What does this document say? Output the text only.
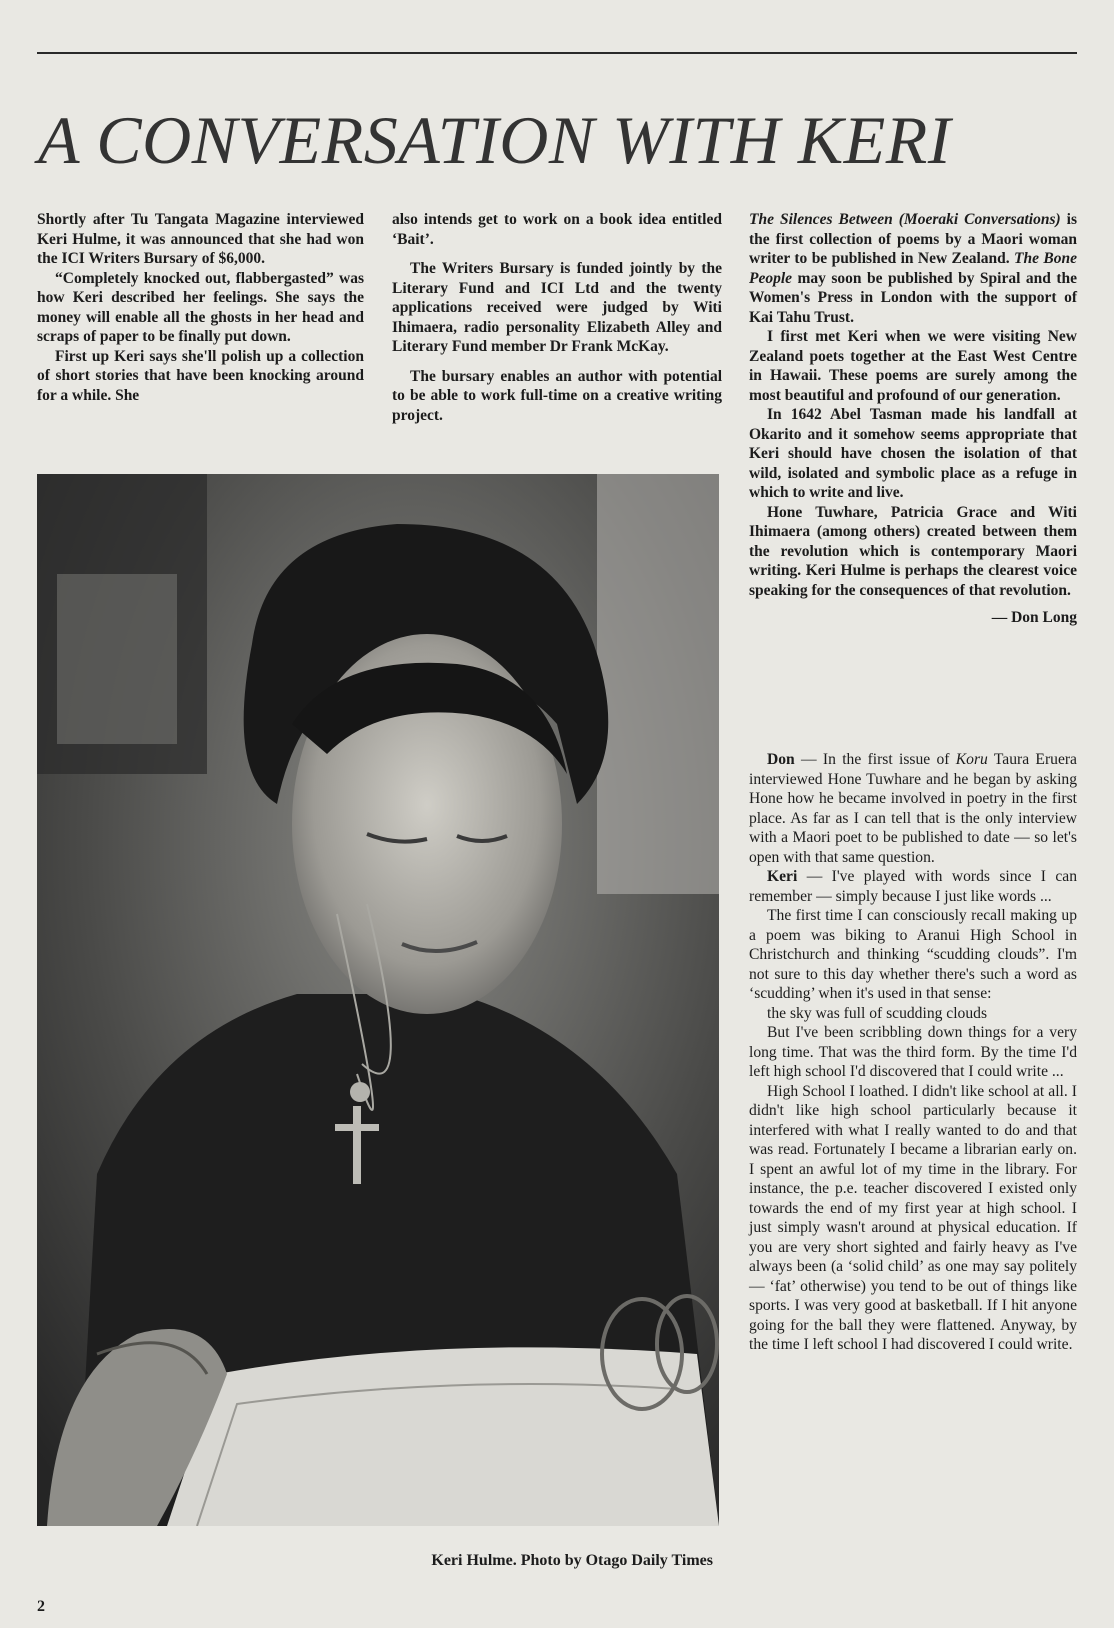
A CONVERSATION WITH KERI

Shortly after Tu Tangata Magazine interviewed Keri Hulme, it was announced that she had won the ICI Writers Bursary of $6,000.

“Completely knocked out, flabbergasted” was how Keri described her feelings. She says the money will enable all the ghosts in her head and scraps of paper to be finally put down.

First up Keri says she'll polish up a collection of short stories that have been knocking around for a while. She

also intends get to work on a book idea entitled ‘Bait’.

The Writers Bursary is funded jointly by the Literary Fund and ICI Ltd and the twenty applications received were judged by Witi Ihimaera, radio personality Elizabeth Alley and Literary Fund member Dr Frank McKay.

The bursary enables an author with potential to be able to work full-time on a creative writing project.

The Silences Between (Moeraki Conversations) is the first collection of poems by a Maori woman writer to be published in New Zealand. The Bone People may soon be published by Spiral and the Women's Press in London with the support of Kai Tahu Trust.

I first met Keri when we were visiting New Zealand poets together at the East West Centre in Hawaii. These poems are surely among the most beautiful and profound of our generation.

In 1642 Abel Tasman made his landfall at Okarito and it somehow seems appropriate that Keri should have chosen the isolation of that wild, isolated and symbolic place as a refuge in which to write and live.

Hone Tuwhare, Patricia Grace and Witi Ihimaera (among others) created between them the revolution which is contemporary Maori writing. Keri Hulme is perhaps the clearest voice speaking for the consequences of that revolution.

— Don Long

Don — In the first issue of Koru Taura Eruera interviewed Hone Tuwhare and he began by asking Hone how he became involved in poetry in the first place. As far as I can tell that is the only interview with a Maori poet to be published to date — so let's open with that same question.

Keri — I've played with words since I can remember — simply because I just like words ...

The first time I can consciously recall making up a poem was biking to Aranui High School in Christchurch and thinking “scudding clouds”. I'm not sure to this day whether there's such a word as ‘scudding’ when it's used in that sense:

the sky was full of scudding clouds

But I've been scribbling down things for a very long time. That was the third form. By the time I'd left high school I'd discovered that I could write ...

High School I loathed. I didn't like school at all. I didn't like high school particularly because it interfered with what I really wanted to do and that was read. Fortunately I became a librarian early on. I spent an awful lot of my time in the library. For instance, the p.e. teacher discovered I existed only towards the end of my first year at high school. I just simply wasn't around at physical education. If you are very short sighted and fairly heavy as I've always been (a ‘solid child’ as one may say politely — ‘fat’ otherwise) you tend to be out of things like sports. I was very good at basketball. If I hit anyone going for the ball they were flattened. Anyway, by the time I left school I had discovered I could write.

Keri Hulme. Photo by Otago Daily Times
2
